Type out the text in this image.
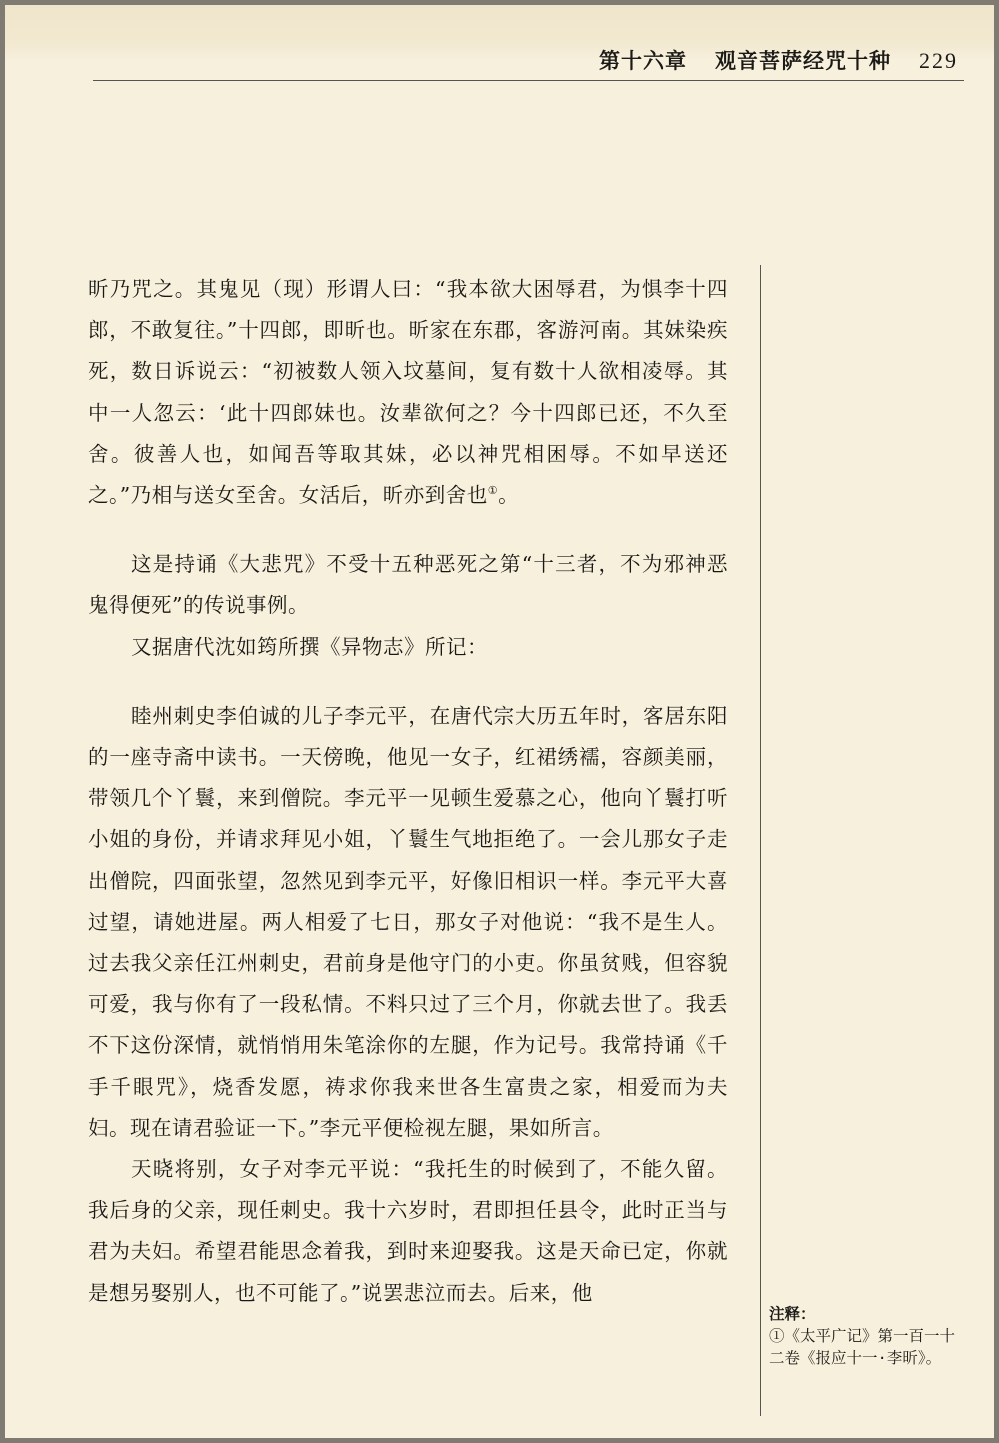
第十六章 观音菩萨经咒十种 229

昕乃咒之。其鬼见（现）形谓人曰：“我本欲大困辱君，为惧李十四郎，不敢复往。”十四郎，即昕也。昕家在东郡，客游河南。其妹染疾死，数日诉说云：“初被数人领入坟墓间，复有数十人欲相凌辱。其中一人忽云：‘此十四郎妹也。汝辈欲何之？今十四郎已还，不久至舍。彼善人也，如闻吾等取其妹，必以神咒相困辱。不如早送还之。”乃相与送女至舍。女活后，昕亦到舍也①。

这是持诵《大悲咒》不受十五种恶死之第“十三者，不为邪神恶鬼得便死”的传说事例。

又据唐代沈如筠所撰《异物志》所记：

睦州刺史李伯诚的儿子李元平，在唐代宗大历五年时，客居东阳的一座寺斋中读书。一天傍晚，他见一女子，红裙绣襦，容颜美丽，带领几个丫鬟，来到僧院。李元平一见顿生爱慕之心，他向丫鬟打听小姐的身份，并请求拜见小姐，丫鬟生气地拒绝了。一会儿那女子走出僧院，四面张望，忽然见到李元平，好像旧相识一样。李元平大喜过望，请她进屋。两人相爱了七日，那女子对他说：“我不是生人。过去我父亲任江州刺史，君前身是他守门的小吏。你虽贫贱，但容貌可爱，我与你有了一段私情。不料只过了三个月，你就去世了。我丢不下这份深情，就悄悄用朱笔涂你的左腿，作为记号。我常持诵《千手千眼咒》，烧香发愿，祷求你我来世各生富贵之家，相爱而为夫妇。现在请君验证一下。”李元平便检视左腿，果如所言。

天晓将别，女子对李元平说：“我托生的时候到了，不能久留。我后身的父亲，现任刺史。我十六岁时，君即担任县令，此时正当与君为夫妇。希望君能思念着我，到时来迎娶我。这是天命已定，你就是想另娶别人，也不可能了。”说罢悲泣而去。后来，他

注释：
①《太平广记》第一百一十二卷《报应十一·李昕》。
